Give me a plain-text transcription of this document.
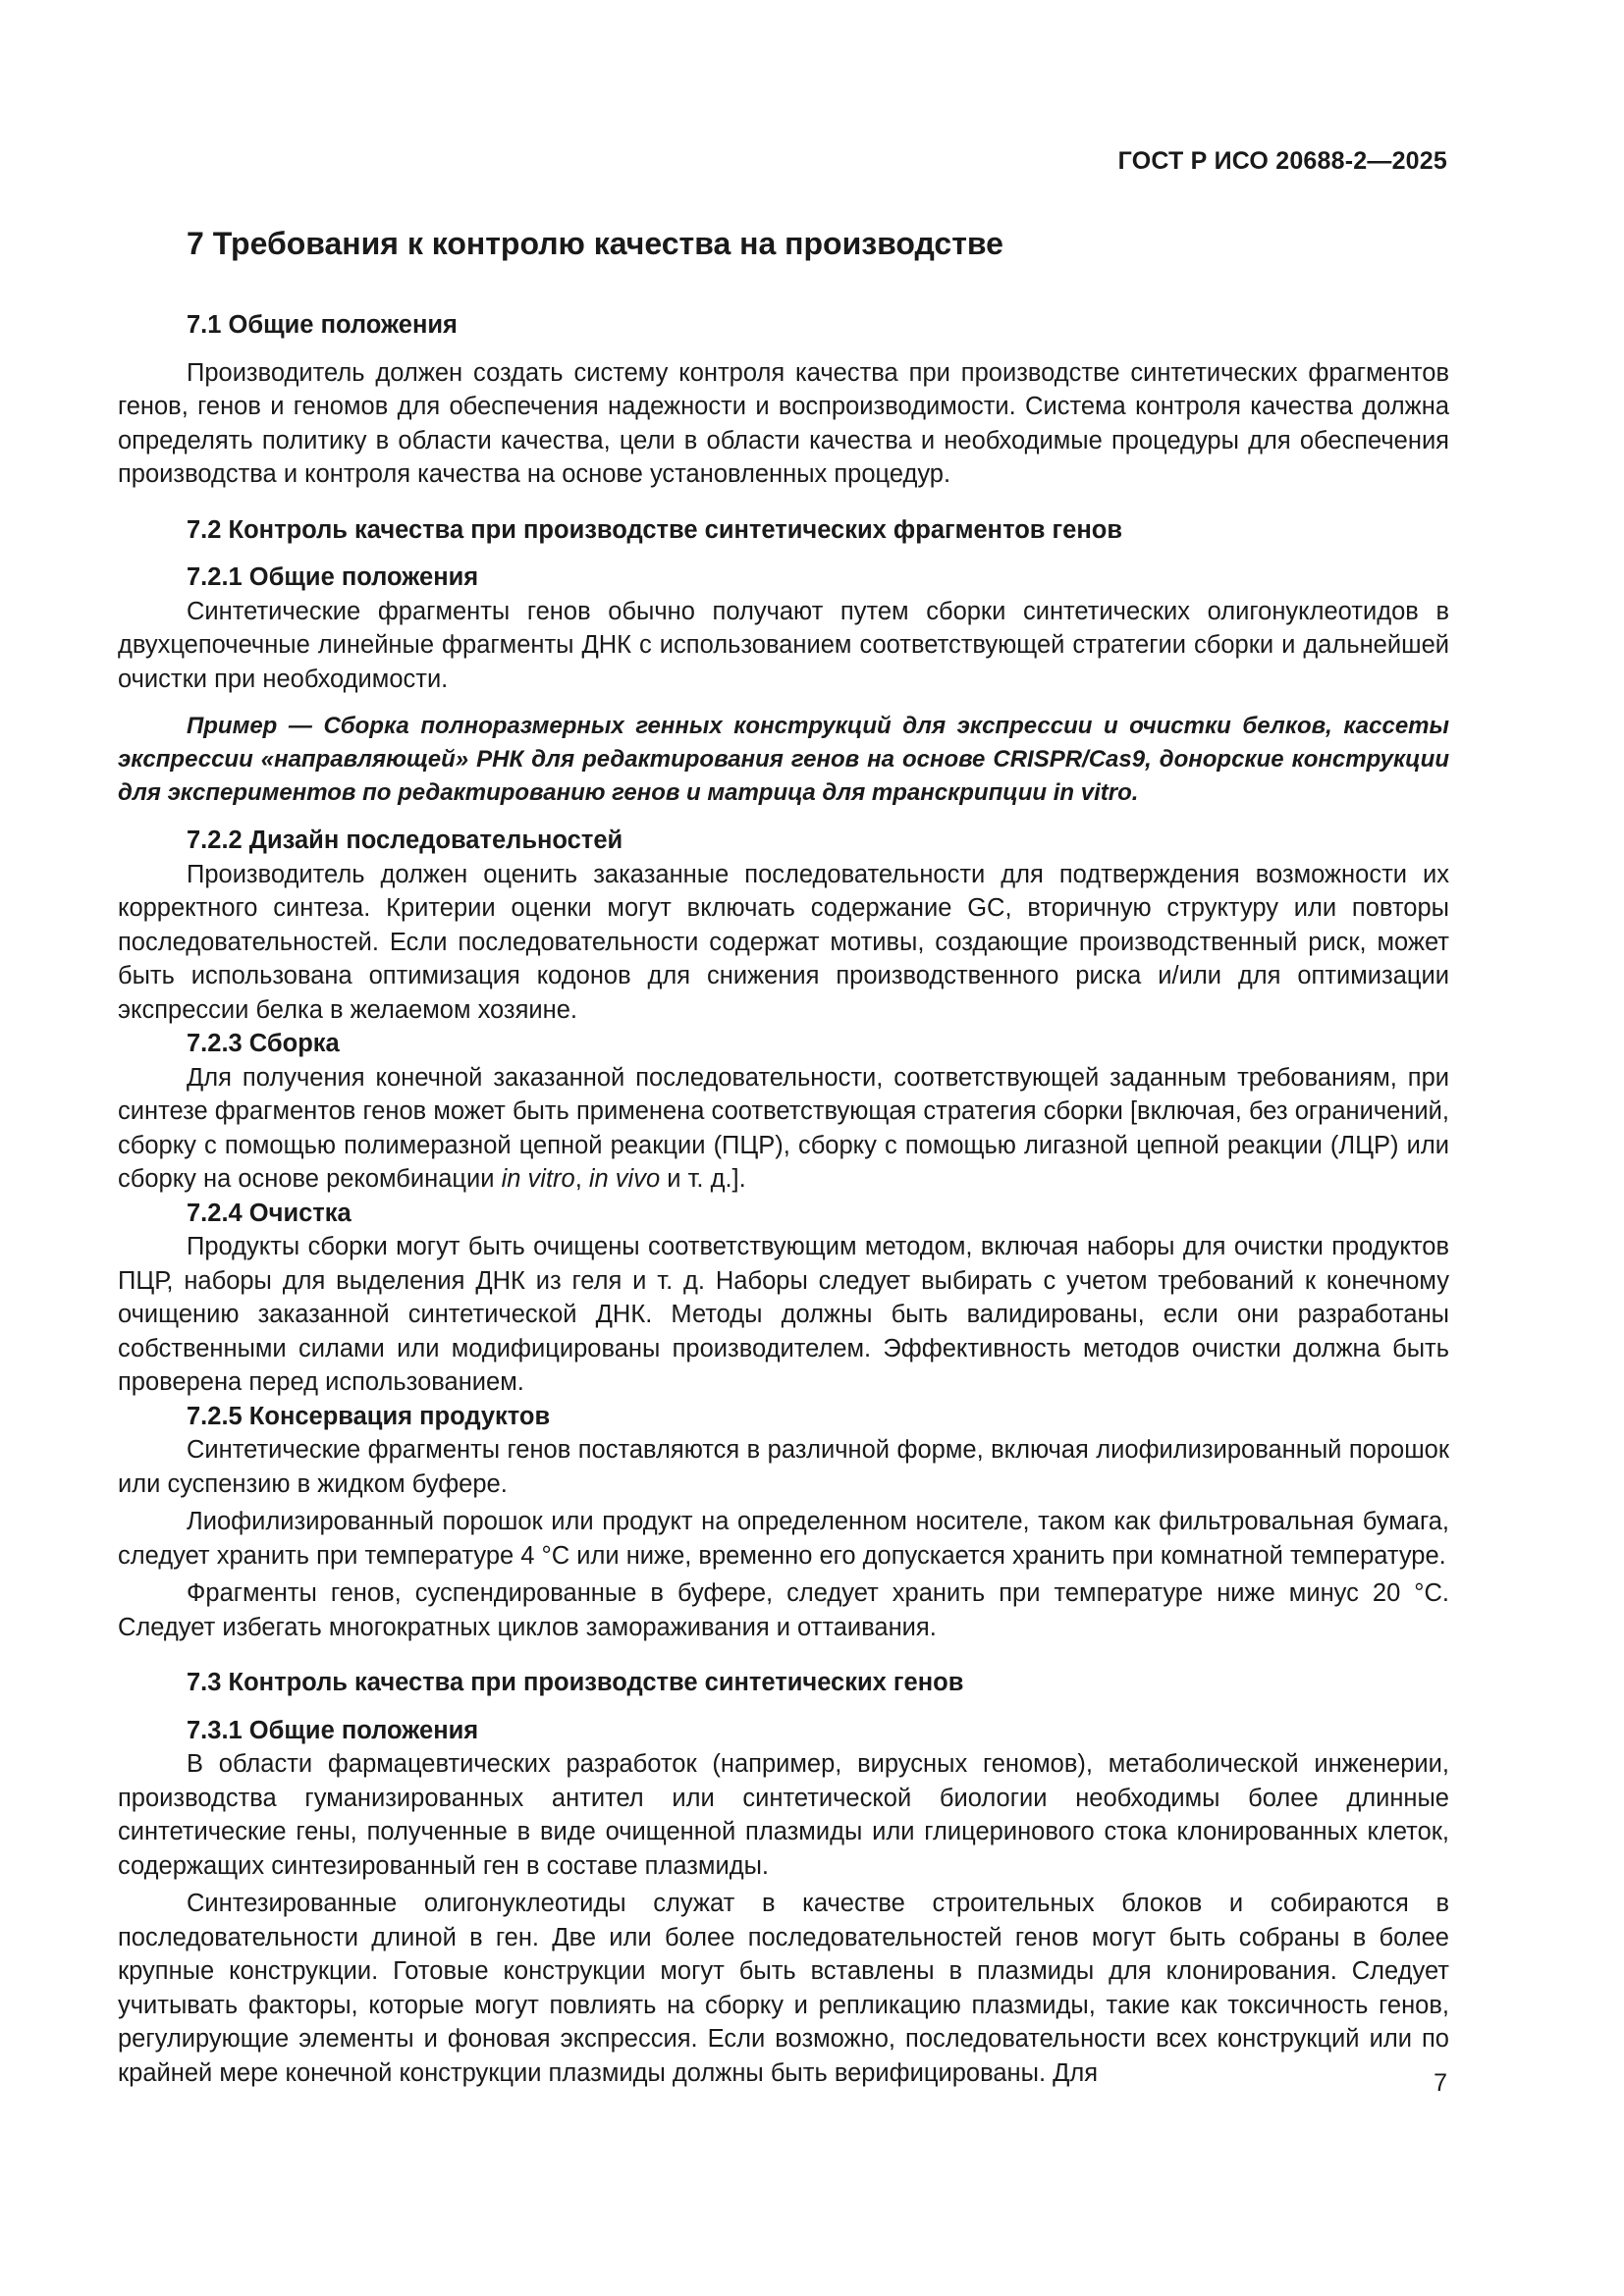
ГОСТ Р ИСО 20688-2—2025
7 Требования к контролю качества на производстве
7.1 Общие положения

Производитель должен создать систему контроля качества при производстве синтетических фрагментов генов, генов и геномов для обеспечения надежности и воспроизводимости. Система контроля качества должна определять политику в области качества, цели в области качества и необходимые процедуры для обеспечения производства и контроля качества на основе установленных процедур.

7.2 Контроль качества при производстве синтетических фрагментов генов
7.2.1 Общие положения

Синтетические фрагменты генов обычно получают путем сборки синтетических олигонуклеотидов в двухцепочечные линейные фрагменты ДНК с использованием соответствующей стратегии сборки и дальнейшей очистки при необходимости.

Пример — Сборка полноразмерных генных конструкций для экспрессии и очистки белков, кассеты экспрессии «направляющей» РНК для редактирования генов на основе CRISPR/Cas9, донорские конструкции для экспериментов по редактированию генов и матрица для транскрипции in vitro.

7.2.2 Дизайн последовательностей

Производитель должен оценить заказанные последовательности для подтверждения возможности их корректного синтеза. Критерии оценки могут включать содержание GC, вторичную структуру или повторы последовательностей. Если последовательности содержат мотивы, создающие производственный риск, может быть использована оптимизация кодонов для снижения производственного риска и/или для оптимизации экспрессии белка в желаемом хозяине.

7.2.3 Сборка

Для получения конечной заказанной последовательности, соответствующей заданным требованиям, при синтезе фрагментов генов может быть применена соответствующая стратегия сборки [включая, без ограничений, сборку с помощью полимеразной цепной реакции (ПЦР), сборку с помощью лигазной цепной реакции (ЛЦР) или сборку на основе рекомбинации in vitro, in vivo и т. д.].

7.2.4 Очистка

Продукты сборки могут быть очищены соответствующим методом, включая наборы для очистки продуктов ПЦР, наборы для выделения ДНК из геля и т. д. Наборы следует выбирать с учетом требований к конечному очищению заказанной синтетической ДНК. Методы должны быть валидированы, если они разработаны собственными силами или модифицированы производителем. Эффективность методов очистки должна быть проверена перед использованием.

7.2.5 Консервация продуктов

Синтетические фрагменты генов поставляются в различной форме, включая лиофилизированный порошок или суспензию в жидком буфере.

Лиофилизированный порошок или продукт на определенном носителе, таком как фильтровальная бумага, следует хранить при температуре 4 °С или ниже, временно его допускается хранить при комнатной температуре.

Фрагменты генов, суспендированные в буфере, следует хранить при температуре ниже минус 20 °С. Следует избегать многократных циклов замораживания и оттаивания.

7.3 Контроль качества при производстве синтетических генов
7.3.1 Общие положения

В области фармацевтических разработок (например, вирусных геномов), метаболической инженерии, производства гуманизированных антител или синтетической биологии необходимы более длинные синтетические гены, полученные в виде очищенной плазмиды или глицеринового стока клонированных клеток, содержащих синтезированный ген в составе плазмиды.

Синтезированные олигонуклеотиды служат в качестве строительных блоков и собираются в последовательности длиной в ген. Две или более последовательностей генов могут быть собраны в более крупные конструкции. Готовые конструкции могут быть вставлены в плазмиды для клонирования. Следует учитывать факторы, которые могут повлиять на сборку и репликацию плазмиды, такие как токсичность генов, регулирующие элементы и фоновая экспрессия. Если возможно, последовательности всех конструкций или по крайней мере конечной конструкции плазмиды должны быть верифицированы. Для	7
